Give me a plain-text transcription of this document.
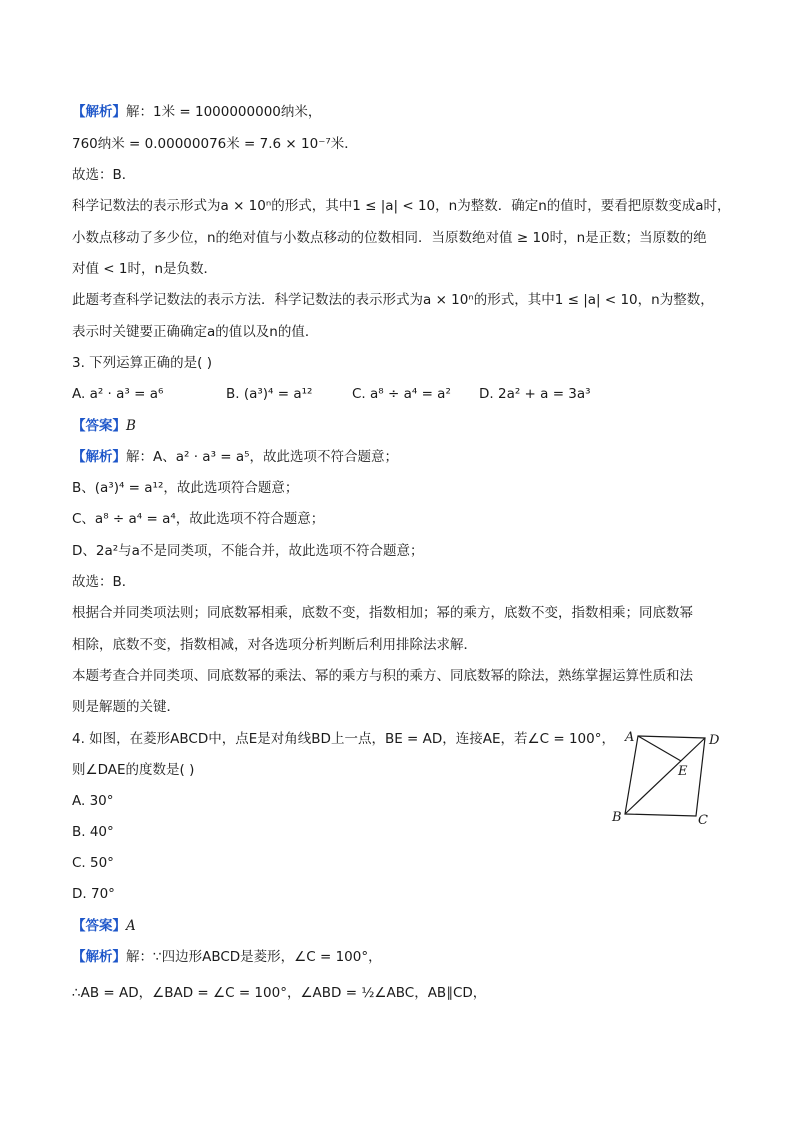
【解析】解：1米 = 1000000000纳米，
760纳米 = 0.00000076米 = 7.6 × 10⁻⁷米．
故选：B．
科学记数法的表示形式为a × 10ⁿ的形式，其中1 ≤ |a| < 10，n为整数．确定n的值时，要看把原数变成a时，
小数点移动了多少位，n的绝对值与小数点移动的位数相同．当原数绝对值 ≥ 10时，n是正数；当原数的绝
对值 < 1时，n是负数．
此题考查科学记数法的表示方法．科学记数法的表示形式为a × 10ⁿ的形式，其中1 ≤ |a| < 10，n为整数，
表示时关键要正确确定a的值以及n的值．
3. 下列运算正确的是( )
A. a² · a³ = a⁶	B. (a³)⁴ = a¹²	C. a⁸ ÷ a⁴ = a² D. 2a² + a = 3a³
【答案】B
【解析】解：A、a² · a³ = a⁵，故此选项不符合题意；
B、(a³)⁴ = a¹²，故此选项符合题意；
C、a⁸ ÷ a⁴ = a⁴，故此选项不符合题意；
D、2a²与a不是同类项，不能合并，故此选项不符合题意；
故选：B．
根据合并同类项法则；同底数幂相乘，底数不变，指数相加；幂的乘方，底数不变，指数相乘；同底数幂
相除，底数不变，指数相减，对各选项分析判断后利用排除法求解．
本题考查合并同类项、同底数幂的乘法、幂的乘方与积的乘方、同底数幂的除法，熟练掌握运算性质和法
则是解题的关键．
4. 如图，在菱形ABCD中，点E是对角线BD上一点，BE = AD，连接AE，若∠C = 100°，
则∠DAE的度数是( )
A. 30°
B. 40°
C. 50°
D. 70°
【答案】A
【解析】解：∵四边形ABCD是菱形，∠C = 100°，
∴AB = AD，∠BAD = ∠C = 100°，∠ABD = ½∠ABC，AB∥CD，
A	D
E
B	C
